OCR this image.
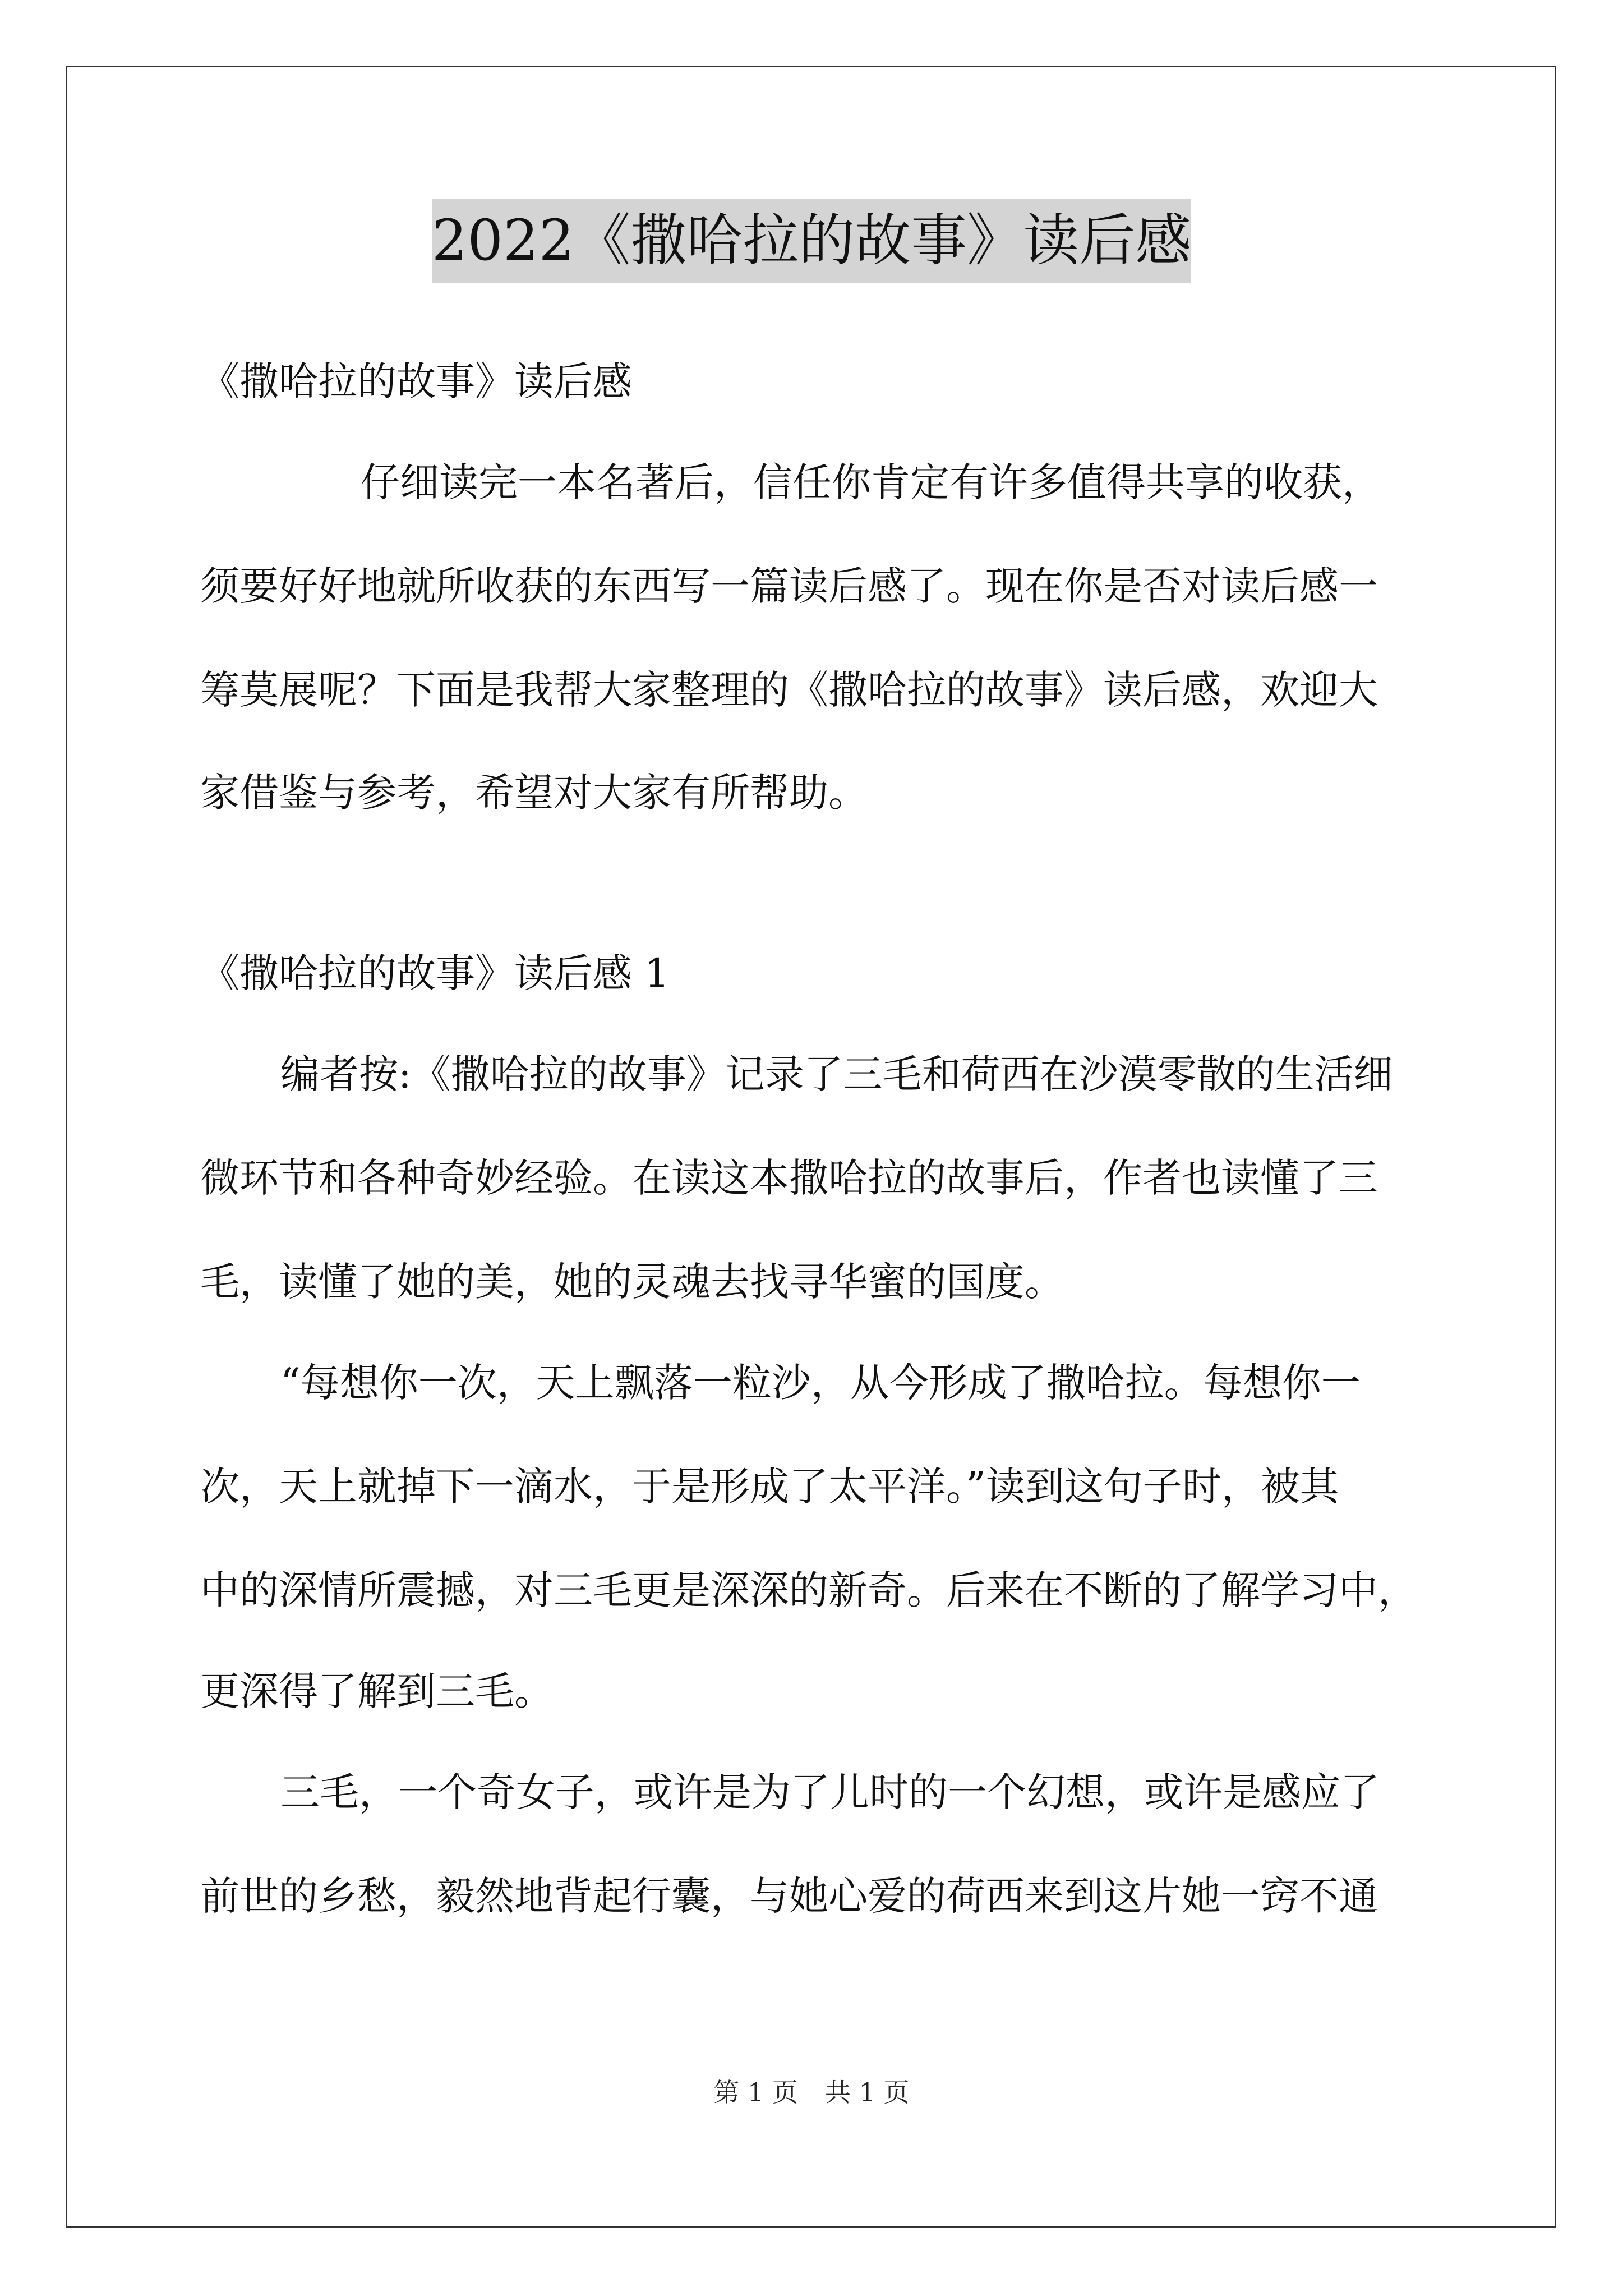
2022《撒哈拉的故事》读后感
《撒哈拉的故事》读后感
仔细读完一本名著后，信任你肯定有许多值得共享的收获，
须要好好地就所收获的东西写一篇读后感了。现在你是否对读后感一
筹莫展呢？下面是我帮大家整理的《撒哈拉的故事》读后感，欢迎大
家借鉴与参考，希望对大家有所帮助。
《撒哈拉的故事》读后感 1
编者按:《撒哈拉的故事》记录了三毛和荷西在沙漠零散的生活细
微环节和各种奇妙经验。在读这本撒哈拉的故事后，作者也读懂了三
毛，读懂了她的美，她的灵魂去找寻华蜜的国度。
“每想你一次，天上飘落一粒沙，从今形成了撒哈拉。每想你一
次，天上就掉下一滴水，于是形成了太平洋。”读到这句子时，被其
中的深情所震撼，对三毛更是深深的新奇。后来在不断的了解学习中，
更深得了解到三毛。
三毛，一个奇女子，或许是为了儿时的一个幻想，或许是感应了
前世的乡愁，毅然地背起行囊，与她心爱的荷西来到这片她一窍不通
第 1 页 共 1 页
